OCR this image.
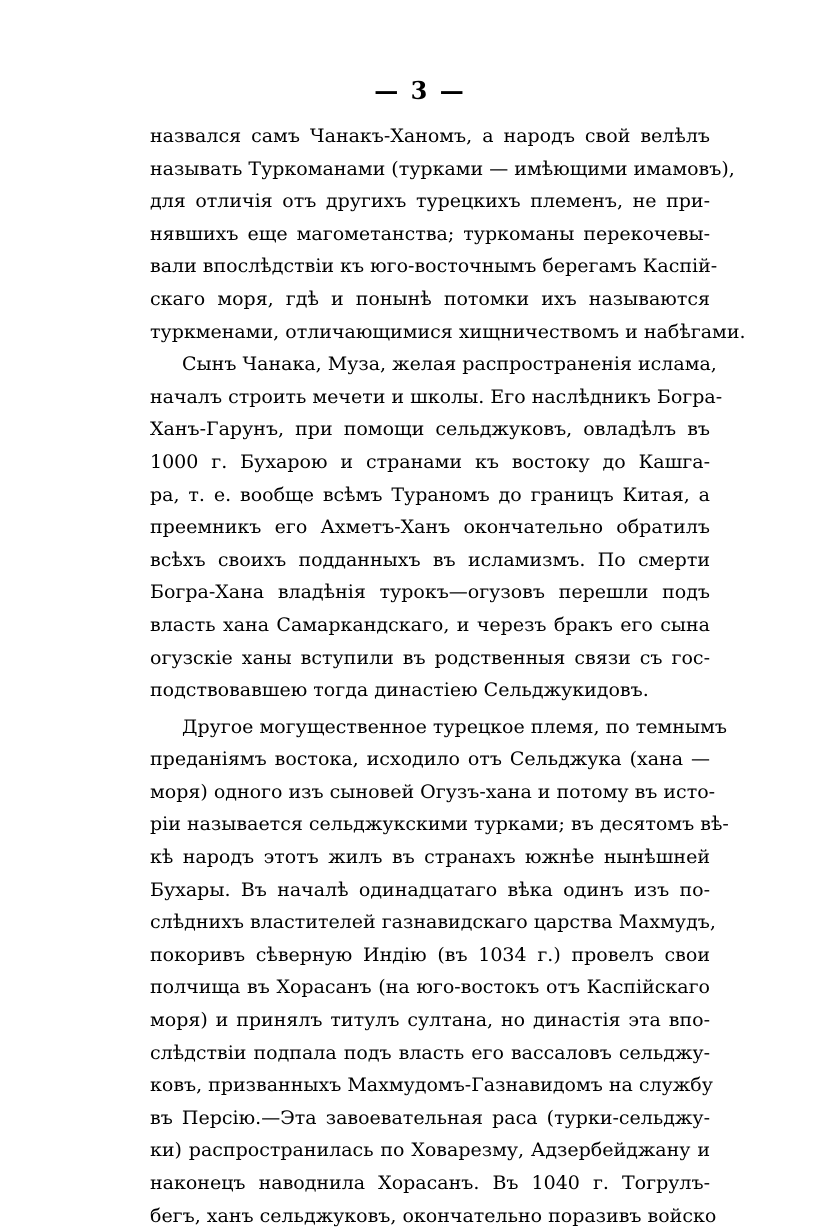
— 3 —
назвался самъ Чанакъ-Ханомъ, а народъ свой велѣлъ
называть Туркоманами (турками — имѣющими имамовъ),
для отличія отъ другихъ турецкихъ племенъ, не при-
нявшихъ еще магометанства; туркоманы перекочевы-
вали впослѣдствіи къ юго-восточнымъ берегамъ Каспій-
скаго моря, гдѣ и понынѣ потомки ихъ называются
туркменами, отличающимися хищничествомъ и набѣгами.
Сынъ Чанака, Муза, желая распространенія ислама,
началъ строить мечети и школы. Его наслѣдникъ Богра-
Ханъ-Гарунъ, при помощи сельджуковъ, овладѣлъ въ
1000 г. Бухарою и странами къ востоку до Кашга-
ра, т. е. вообще всѣмъ Тураномъ до границъ Китая, а
преемникъ его Ахметъ-Ханъ окончательно обратилъ
всѣхъ своихъ подданныхъ въ исламизмъ. По смерти
Богра-Хана владѣнія турокъ—огузовъ перешли подъ
власть хана Самаркандскаго, и черезъ бракъ его сына
огузскіе ханы вступили въ родственныя связи съ гос-
подствовавшею тогда династіею Сельджукидовъ.
Другое могущественное турецкое племя, по темнымъ
преданіямъ востока, исходило отъ Сельджука (хана —
моря) одного изъ сыновей Огузъ-хана и потому въ исто-
ріи называется сельджукскими турками; въ десятомъ вѣ-
кѣ народъ этотъ жилъ въ странахъ южнѣе нынѣшней
Бухары. Въ началѣ одинадцатаго вѣка одинъ изъ по-
слѣднихъ властителей газнавидскаго царства Махмудъ,
покоривъ сѣверную Индію (въ 1034 г.) провелъ свои
полчища въ Хорасанъ (на юго-востокъ отъ Каспійскаго
моря) и принялъ титулъ султана, но династія эта впо-
слѣдствіи подпала подъ власть его вассаловъ сельджу-
ковъ, призванныхъ Махмудомъ-Газнавидомъ на службу
въ Персію.—Эта завоевательная раса (турки-сельджу-
ки) распространилась по Ховарезму, Адзербейджану и
наконецъ наводнила Хорасанъ. Въ 1040 г. Тогрулъ-
бегъ, ханъ сельджуковъ, окончательно поразивъ войско
